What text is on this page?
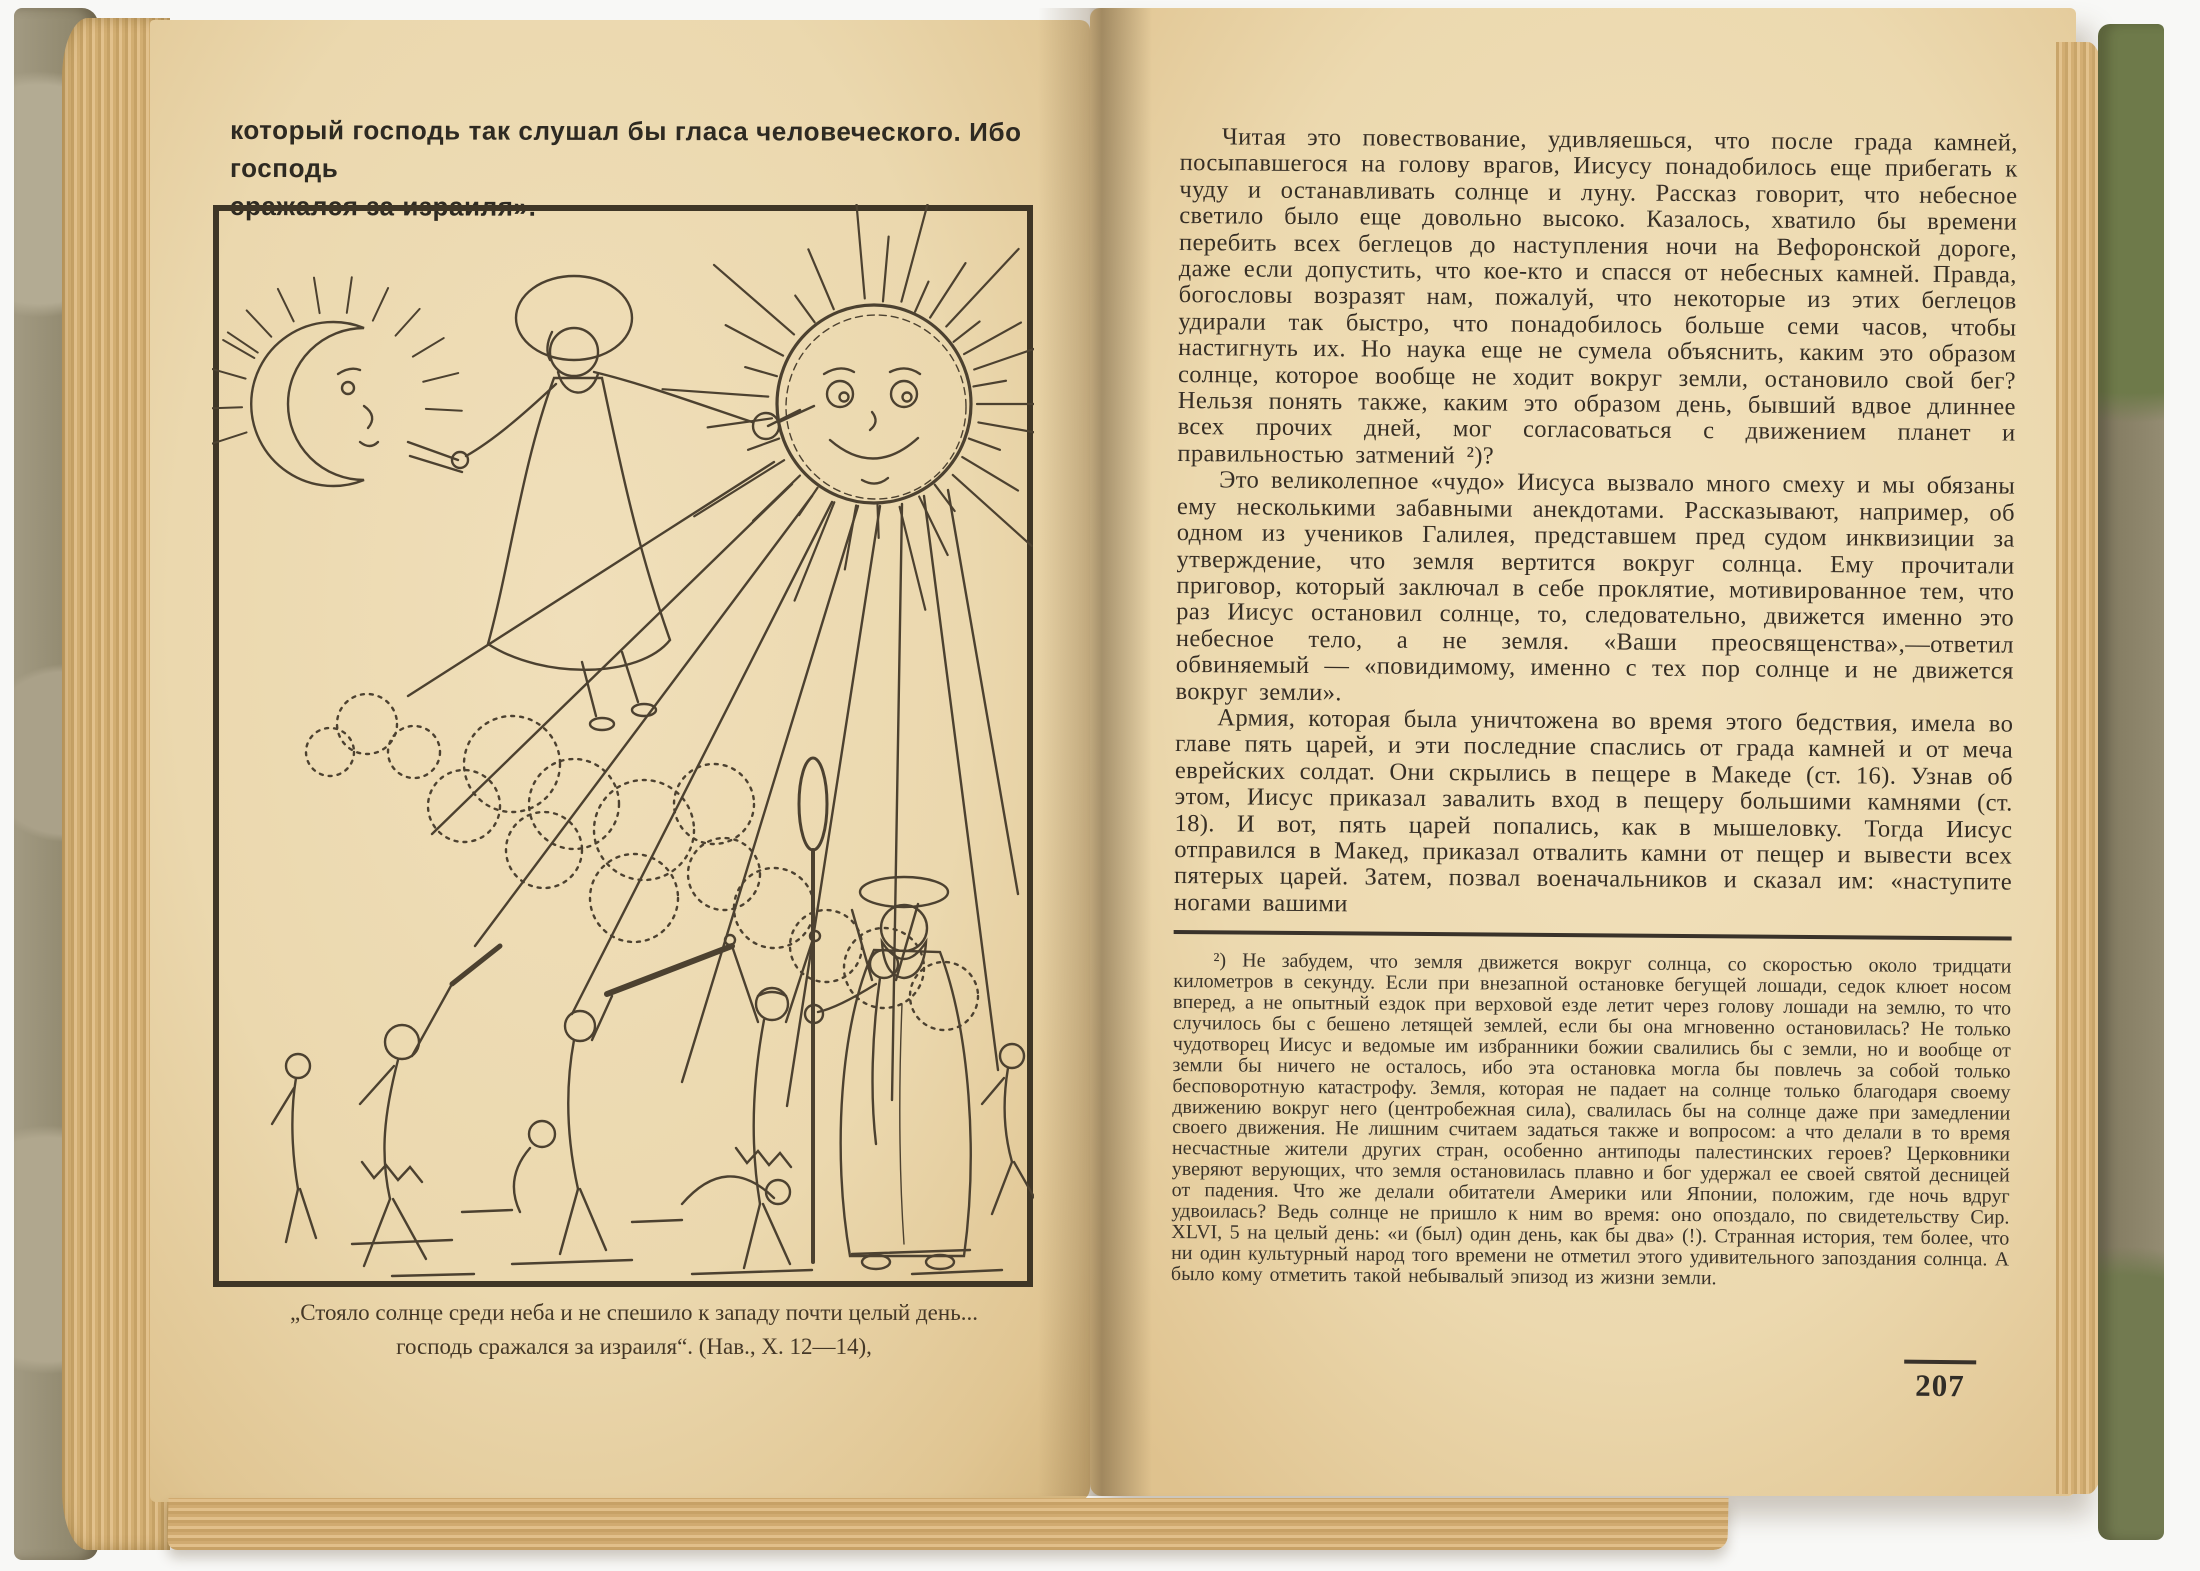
который господь так слушал бы гласа человеческого. Ибо господь
сражался за израиля».
„Стояло солнце среди неба и не спешило к западу почти целый день...
господь сражался за израиля“. (Нав., X. 12—14),
Читая это повествование, удивляешься, что после града камней, посыпавшегося на голову врагов, Иисусу понадобилось еще прибегать к чуду и останавливать солнце и луну. Рассказ говорит, что небесное светило было еще довольно высоко. Казалось, хватило бы времени перебить всех беглецов до наступления ночи на Вефоронской дороге, даже если допустить, что кое-кто и спасся от небесных камней. Правда, богословы возразят нам, пожалуй, что некоторые из этих беглецов удирали так быстро, что понадобилось больше семи часов, чтобы настигнуть их. Но наука еще не сумела объяснить, каким это образом солнце, которое вообще не ходит вокруг земли, остановило свой бег? Нельзя понять также, каким это образом день, бывший вдвое длиннее всех прочих дней, мог согласоваться с движением планет и правильностью затмений ²)?
Это великолепное «чудо» Иисуса вызвало много смеху и мы обязаны ему несколькими забавными анекдотами. Рассказывают, например, об одном из учеников Галилея, представшем пред судом инквизиции за утверждение, что земля вертится вокруг солнца. Ему прочитали приговор, который заключал в себе проклятие, мотивированное тем, что раз Иисус остановил солнце, то, следовательно, движется именно это небесное тело, а не земля. «Ваши преосвященства»,—ответил обвиняемый — «повидимому, именно с тех пор солнце и не движется вокруг земли».
Армия, которая была уничтожена во время этого бедствия, имела во главе пять царей, и эти последние спаслись от града камней и от меча еврейских солдат. Они скрылись в пещере в Македе (ст. 16). Узнав об этом, Иисус приказал завалить вход в пещеру большими камнями (ст. 18). И вот, пять царей попались, как в мышеловку. Тогда Иисус отправился в Макед, приказал отвалить камни от пещер и вывести всех пятерых царей. Затем, позвал военачальников и сказал им: «наступите ногами вашими
²) Не забудем, что земля движется вокруг солнца, со скоростью около тридцати километров в секунду. Если при внезапной остановке бегущей лошади, седок клюет носом вперед, а не опытный ездок при верховой езде летит через голову лошади на землю, то что случилось бы с бешено летящей землей, если бы она мгновенно остановилась? Не только чудотворец Иисус и ведомые им избранники божии свалились бы с земли, но и вообще от земли бы ничего не осталось, ибо эта остановка могла бы повлечь за собой только бесповоротную катастрофу. Земля, которая не падает на солнце только благодаря своему движению вокруг него (центробежная сила), свалилась бы на солнце даже при замедлении своего движения. Не лишним считаем задаться также и вопросом: а что делали в то время несчастные жители других стран, особенно антиподы палестинских героев? Церковники уверяют верующих, что земля остановилась плавно и бог удержал ее своей святой десницей от падения. Что же делали обитатели Америки или Японии, положим, где ночь вдруг удвоилась? Ведь солнце не пришло к ним во время: оно опоздало, по свидетельству Сир. XLVI, 5 на целый день: «и (был) один день, как бы два» (!). Странная история, тем более, что ни один культурный народ того времени не отметил этого удивительного запоздания солнца. А было кому отметить такой небывалый эпизод из жизни земли.
207
